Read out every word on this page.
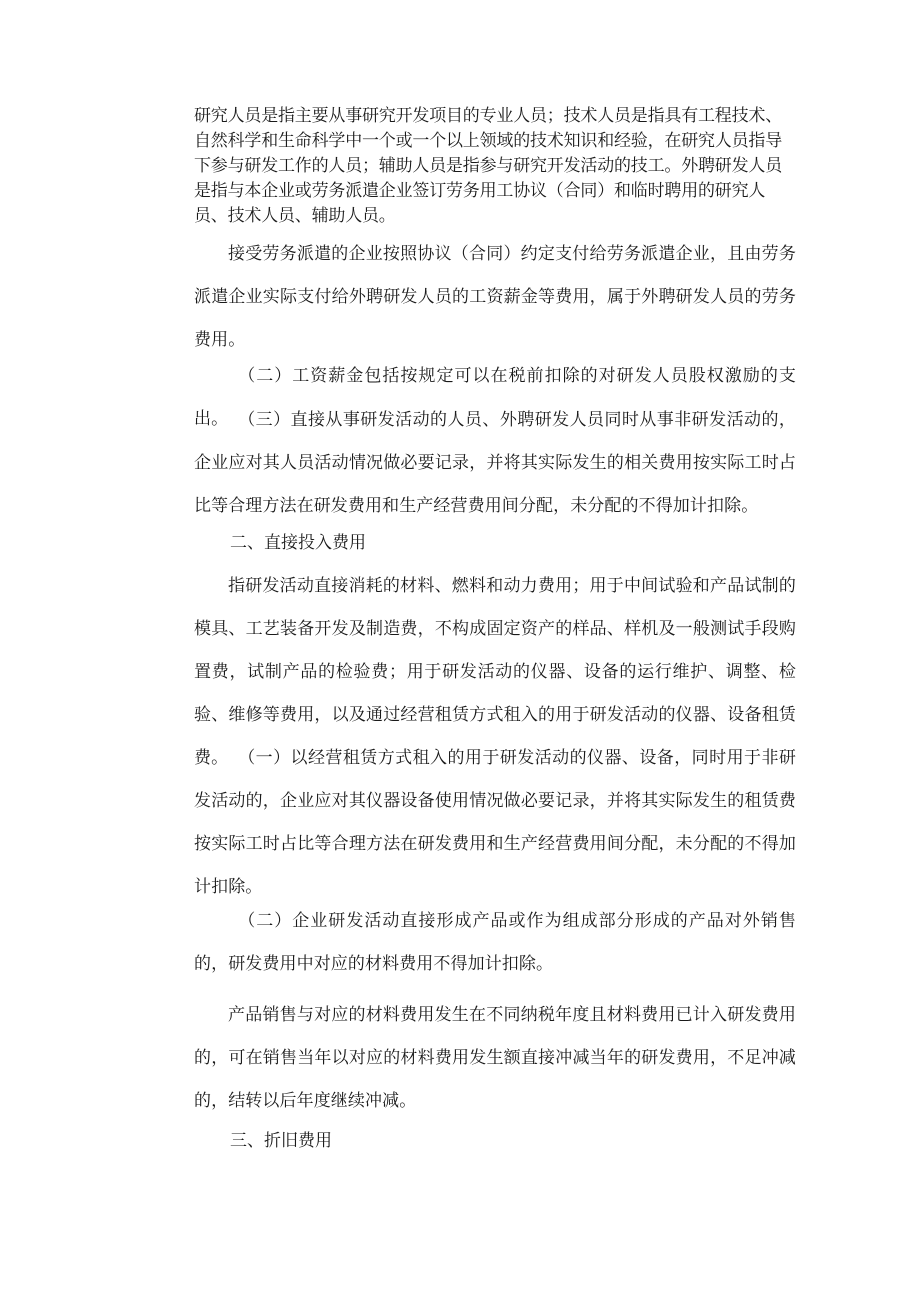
研究人员是指主要从事研究开发项目的专业人员；技术人员是指具有工程技术、自然科学和生命科学中一个或一个以上领域的技术知识和经验，在研究人员指导下参与研发工作的人员；辅助人员是指参与研究开发活动的技工。外聘研发人员是指与本企业或劳务派遣企业签订劳务用工协议（合同）和临时聘用的研究人员、技术人员、辅助人员。

接受劳务派遣的企业按照协议（合同）约定支付给劳务派遣企业，且由劳务派遣企业实际支付给外聘研发人员的工资薪金等费用，属于外聘研发人员的劳务费用。

（二）工资薪金包括按规定可以在税前扣除的对研发人员股权激励的支出。 （三）直接从事研发活动的人员、外聘研发人员同时从事非研发活动的，企业应对其人员活动情况做必要记录，并将其实际发生的相关费用按实际工时占比等合理方法在研发费用和生产经营费用间分配，未分配的不得加计扣除。

二、直接投入费用

指研发活动直接消耗的材料、燃料和动力费用；用于中间试验和产品试制的模具、工艺装备开发及制造费，不构成固定资产的样品、样机及一般测试手段购置费，试制产品的检验费；用于研发活动的仪器、设备的运行维护、调整、检验、维修等费用，以及通过经营租赁方式租入的用于研发活动的仪器、设备租赁费。 （一）以经营租赁方式租入的用于研发活动的仪器、设备，同时用于非研发活动的，企业应对其仪器设备使用情况做必要记录，并将其实际发生的租赁费按实际工时占比等合理方法在研发费用和生产经营费用间分配，未分配的不得加计扣除。

（二）企业研发活动直接形成产品或作为组成部分形成的产品对外销售的，研发费用中对应的材料费用不得加计扣除。

产品销售与对应的材料费用发生在不同纳税年度且材料费用已计入研发费用的，可在销售当年以对应的材料费用发生额直接冲减当年的研发费用，不足冲减的，结转以后年度继续冲减。

三、折旧费用
